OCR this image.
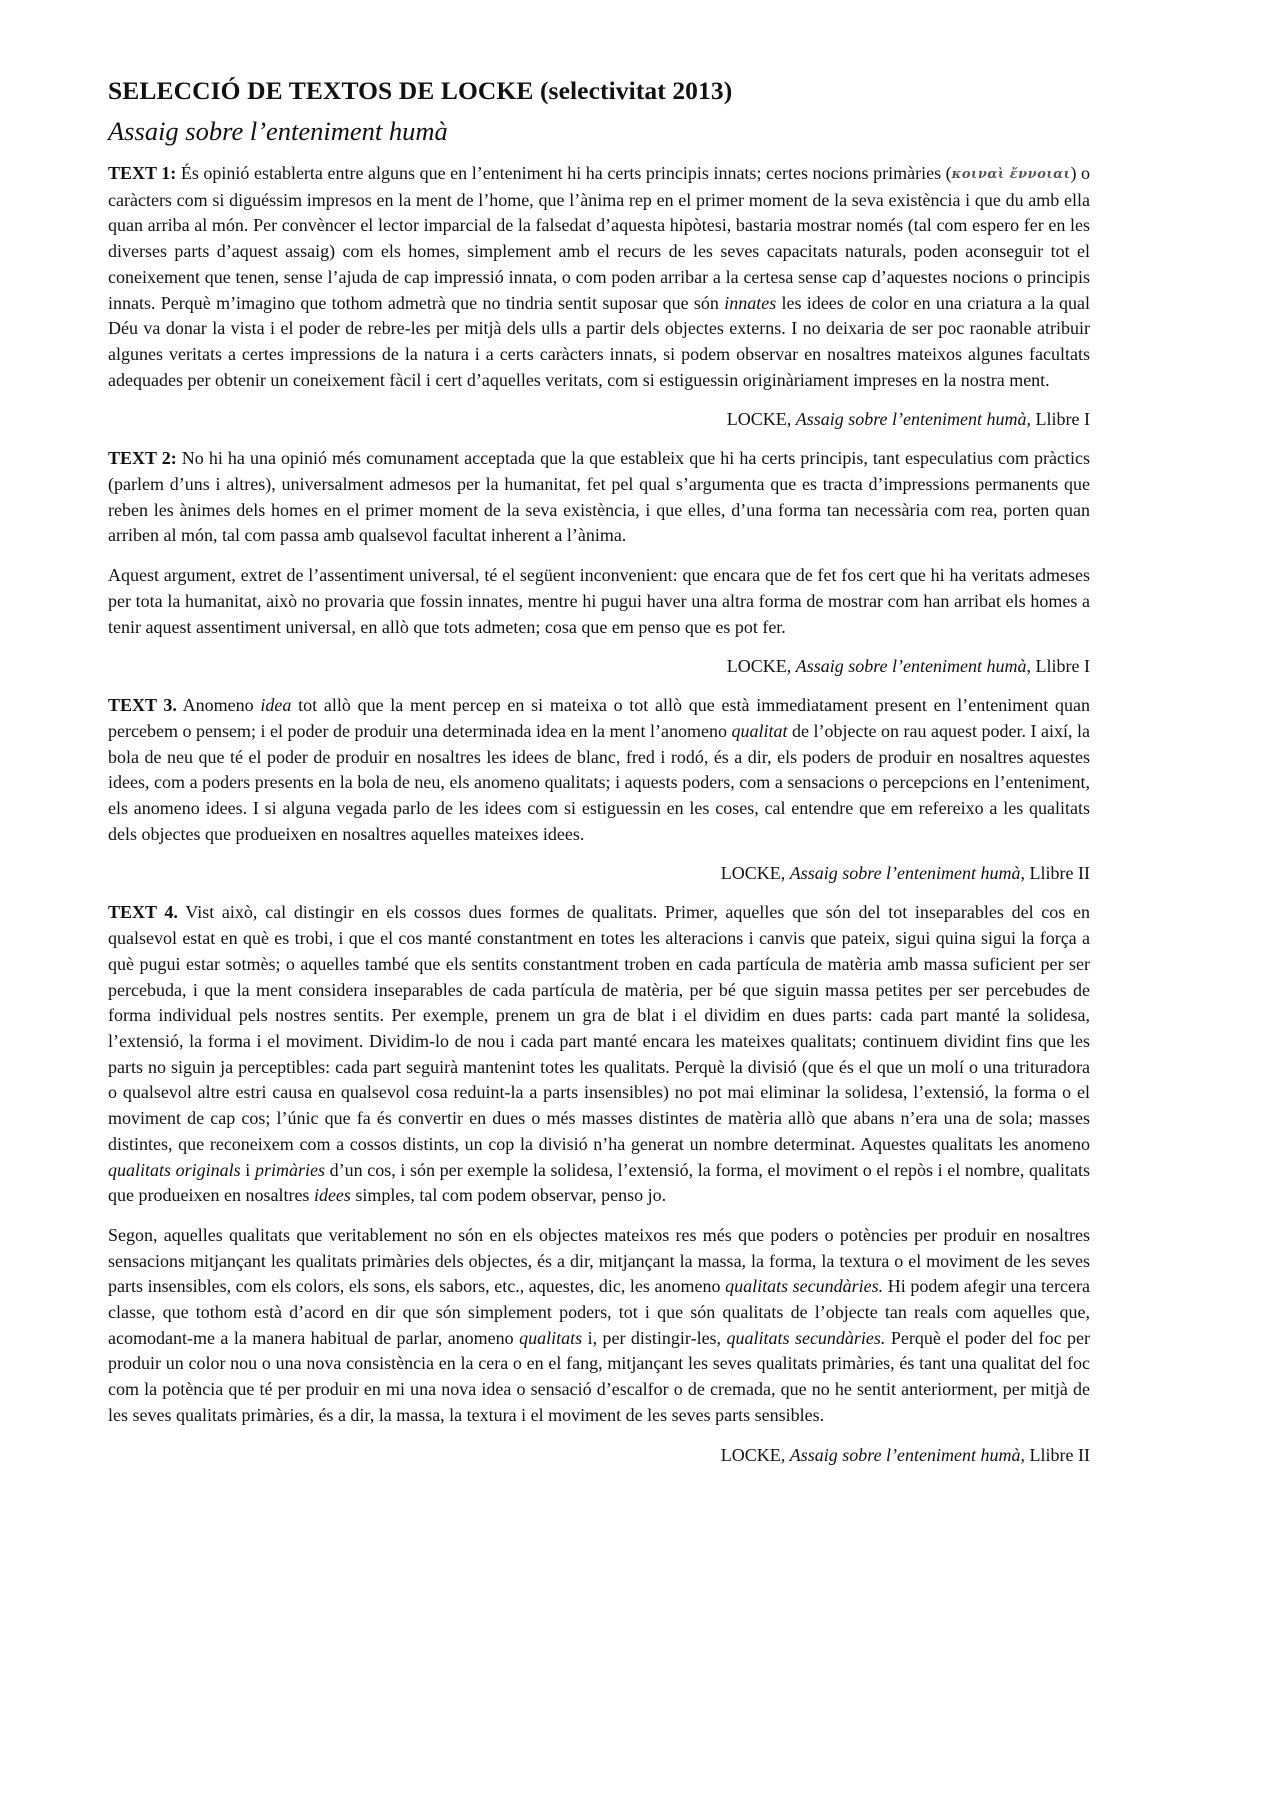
SELECCIÓ DE TEXTOS DE LOCKE (selectivitat 2013)
Assaig sobre l’enteniment humà

TEXT 1: És opinió establerta entre alguns que en l’enteniment hi ha certs principis innats; certes nocions primàries (κοιναὶ ἔννοιαι) o caràcters com si diguéssim impresos en la ment de l’home, que l’ànima rep en el primer moment de la seva existència i que du amb ella quan arriba al món. Per convèncer el lector imparcial de la falsedat d’aquesta hipòtesi, bastaria mostrar només (tal com espero fer en les diverses parts d’aquest assaig) com els homes, simplement amb el recurs de les seves capacitats naturals, poden aconseguir tot el coneixement que tenen, sense l’ajuda de cap impressió innata, o com poden arribar a la certesa sense cap d’aquestes nocions o principis innats. Perquè m’imagino que tothom admetrà que no tindria sentit suposar que són innates les idees de color en una criatura a la qual Déu va donar la vista i el poder de rebre-les per mitjà dels ulls a partir dels objectes externs. I no deixaria de ser poc raonable atribuir algunes veritats a certes impressions de la natura i a certs caràcters innats, si podem observar en nosaltres mateixos algunes facultats adequades per obtenir un coneixement fàcil i cert d’aquelles veritats, com si estiguessin originàriament impreses en la nostra ment.

LOCKE, Assaig sobre l’enteniment humà, Llibre I

TEXT 2: No hi ha una opinió més comunament acceptada que la que estableix que hi ha certs principis, tant especulatius com pràctics (parlem d’uns i altres), universalment admesos per la humanitat, fet pel qual s’argumenta que es tracta d’impressions permanents que reben les ànimes dels homes en el primer moment de la seva existència, i que elles, d’una forma tan necessària com rea, porten quan arriben al món, tal com passa amb qualsevol facultat inherent a l’ànima.

Aquest argument, extret de l’assentiment universal, té el següent inconvenient: que encara que de fet fos cert que hi ha veritats admeses per tota la humanitat, això no provaria que fossin innates, mentre hi pugui haver una altra forma de mostrar com han arribat els homes a tenir aquest assentiment universal, en allò que tots admeten; cosa que em penso que es pot fer.

LOCKE, Assaig sobre l’enteniment humà, Llibre I

TEXT 3. Anomeno idea tot allò que la ment percep en si mateixa o tot allò que està immediatament present en l’enteniment quan percebem o pensem; i el poder de produir una determinada idea en la ment l’anomeno qualitat de l’objecte on rau aquest poder. I així, la bola de neu que té el poder de produir en nosaltres les idees de blanc, fred i rodó, és a dir, els poders de produir en nosaltres aquestes idees, com a poders presents en la bola de neu, els anomeno qualitats; i aquests poders, com a sensacions o percepcions en l’enteniment, els anomeno idees. I si alguna vegada parlo de les idees com si estiguessin en les coses, cal entendre que em refereixo a les qualitats dels objectes que produeixen en nosaltres aquelles mateixes idees.

LOCKE, Assaig sobre l’enteniment humà, Llibre II

TEXT 4. Vist això, cal distingir en els cossos dues formes de qualitats. Primer, aquelles que són del tot inseparables del cos en qualsevol estat en què es trobi, i que el cos manté constantment en totes les alteracions i canvis que pateix, sigui quina sigui la força a què pugui estar sotmès; o aquelles també que els sentits constantment troben en cada partícula de matèria amb massa suficient per ser percebuda, i que la ment considera inseparables de cada partícula de matèria, per bé que siguin massa petites per ser percebudes de forma individual pels nostres sentits. Per exemple, prenem un gra de blat i el dividim en dues parts: cada part manté la solidesa, l’extensió, la forma i el moviment. Dividim-lo de nou i cada part manté encara les mateixes qualitats; continuem dividint fins que les parts no siguin ja perceptibles: cada part seguirà mantenint totes les qualitats. Perquè la divisió (que és el que un molí o una trituradora o qualsevol altre estri causa en qualsevol cosa reduint-la a parts insensibles) no pot mai eliminar la solidesa, l’extensió, la forma o el moviment de cap cos; l’únic que fa és convertir en dues o més masses distintes de matèria allò que abans n’era una de sola; masses distintes, que reconeixem com a cossos distints, un cop la divisió n’ha generat un nombre determinat. Aquestes qualitats les anomeno qualitats originals i primàries d’un cos, i són per exemple la solidesa, l’extensió, la forma, el moviment o el repòs i el nombre, qualitats que produeixen en nosaltres idees simples, tal com podem observar, penso jo.

Segon, aquelles qualitats que veritablement no són en els objectes mateixos res més que poders o potències per produir en nosaltres sensacions mitjançant les qualitats primàries dels objectes, és a dir, mitjançant la massa, la forma, la textura o el moviment de les seves parts insensibles, com els colors, els sons, els sabors, etc., aquestes, dic, les anomeno qualitats secundàries. Hi podem afegir una tercera classe, que tothom està d’acord en dir que són simplement poders, tot i que són qualitats de l’objecte tan reals com aquelles que, acomodant-me a la manera habitual de parlar, anomeno qualitats i, per distingir-les, qualitats secundàries. Perquè el poder del foc per produir un color nou o una nova consistència en la cera o en el fang, mitjançant les seves qualitats primàries, és tant una qualitat del foc com la potència que té per produir en mi una nova idea o sensació d’escalfor o de cremada, que no he sentit anteriorment, per mitjà de les seves qualitats primàries, és a dir, la massa, la textura i el moviment de les seves parts sensibles.

LOCKE, Assaig sobre l’enteniment humà, Llibre II
